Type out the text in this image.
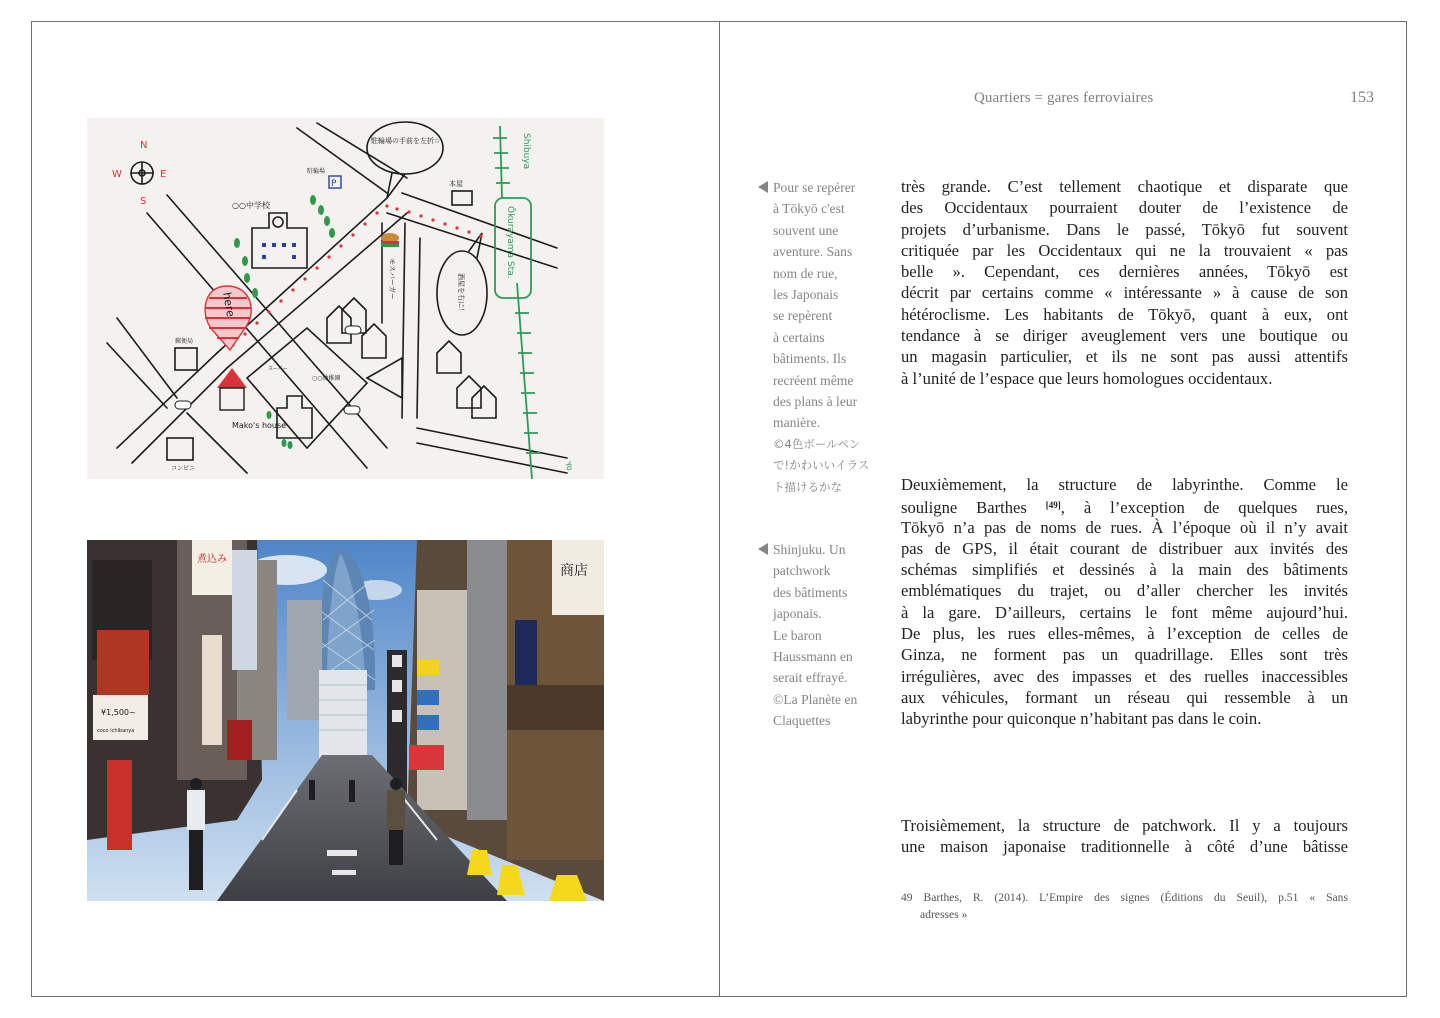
N
S
E
W
○○中学校
駐輪場
P
駐輪場の手前を左折☆
本屋
モスバーガー
Ōkurayama Sta.
Shibuya
Yo
here
郵便局
スーパー
○○幼稚園
Mako's house
コンビニ
酒屋を右に！
煮込み
商店
¥1,500~
coco ichibanya
Quartiers = gares ferroviaires	153
Pour se repérer
à Tōkyō c'est
souvent une
aventure. Sans
nom de rue,
les Japonais
se repèrent
à certains
bâtiments. Ils
recréent même
des plans à leur
manière.
©4色ボールペン
で!かわいいイラス
ト描けるかな
Shinjuku. Un
patchwork
des bâtiments
japonais.
Le baron
Haussmann en
serait effrayé.
©La Planète en
Claquettes
très grande. C’est tellement chaotique et disparate que
des Occidentaux pourraient douter de l’existence de
projets d’urbanisme. Dans le passé, Tōkyō fut souvent
critiquée par les Occidentaux qui ne la trouvaient « pas
belle ». Cependant, ces dernières années, Tōkyō est
décrit par certains comme « intéressante » à cause de son
hétéroclisme. Les habitants de Tōkyō, quant à eux, ont
tendance à se diriger aveuglement vers une boutique ou
un magasin particulier, et ils ne sont pas aussi attentifs
à l’unité de l’espace que leurs homologues occidentaux.
Deuxièmement, la structure de labyrinthe. Comme le
souligne Barthes [49], à l’exception de quelques rues,
Tōkyō n’a pas de noms de rues. À l’époque où il n’y avait
pas de GPS, il était courant de distribuer aux invités des
schémas simplifiés et dessinés à la main des bâtiments
emblématiques du trajet, ou d’aller chercher les invités
à la gare. D’ailleurs, certains le font même aujourd’hui.
De plus, les rues elles-mêmes, à l’exception de celles de
Ginza, ne forment pas un quadrillage. Elles sont très
irrégulières, avec des impasses et des ruelles inaccessibles
aux véhicules, formant un réseau qui ressemble à un
labyrinthe pour quiconque n’habitant pas dans le coin.
Troisièmement, la structure de patchwork. Il y a toujours
une maison japonaise traditionnelle à côté d’une bâtisse
49 Barthes, R. (2014). L’Empire des signes (Éditions du Seuil), p.51 « Sans
adresses »
